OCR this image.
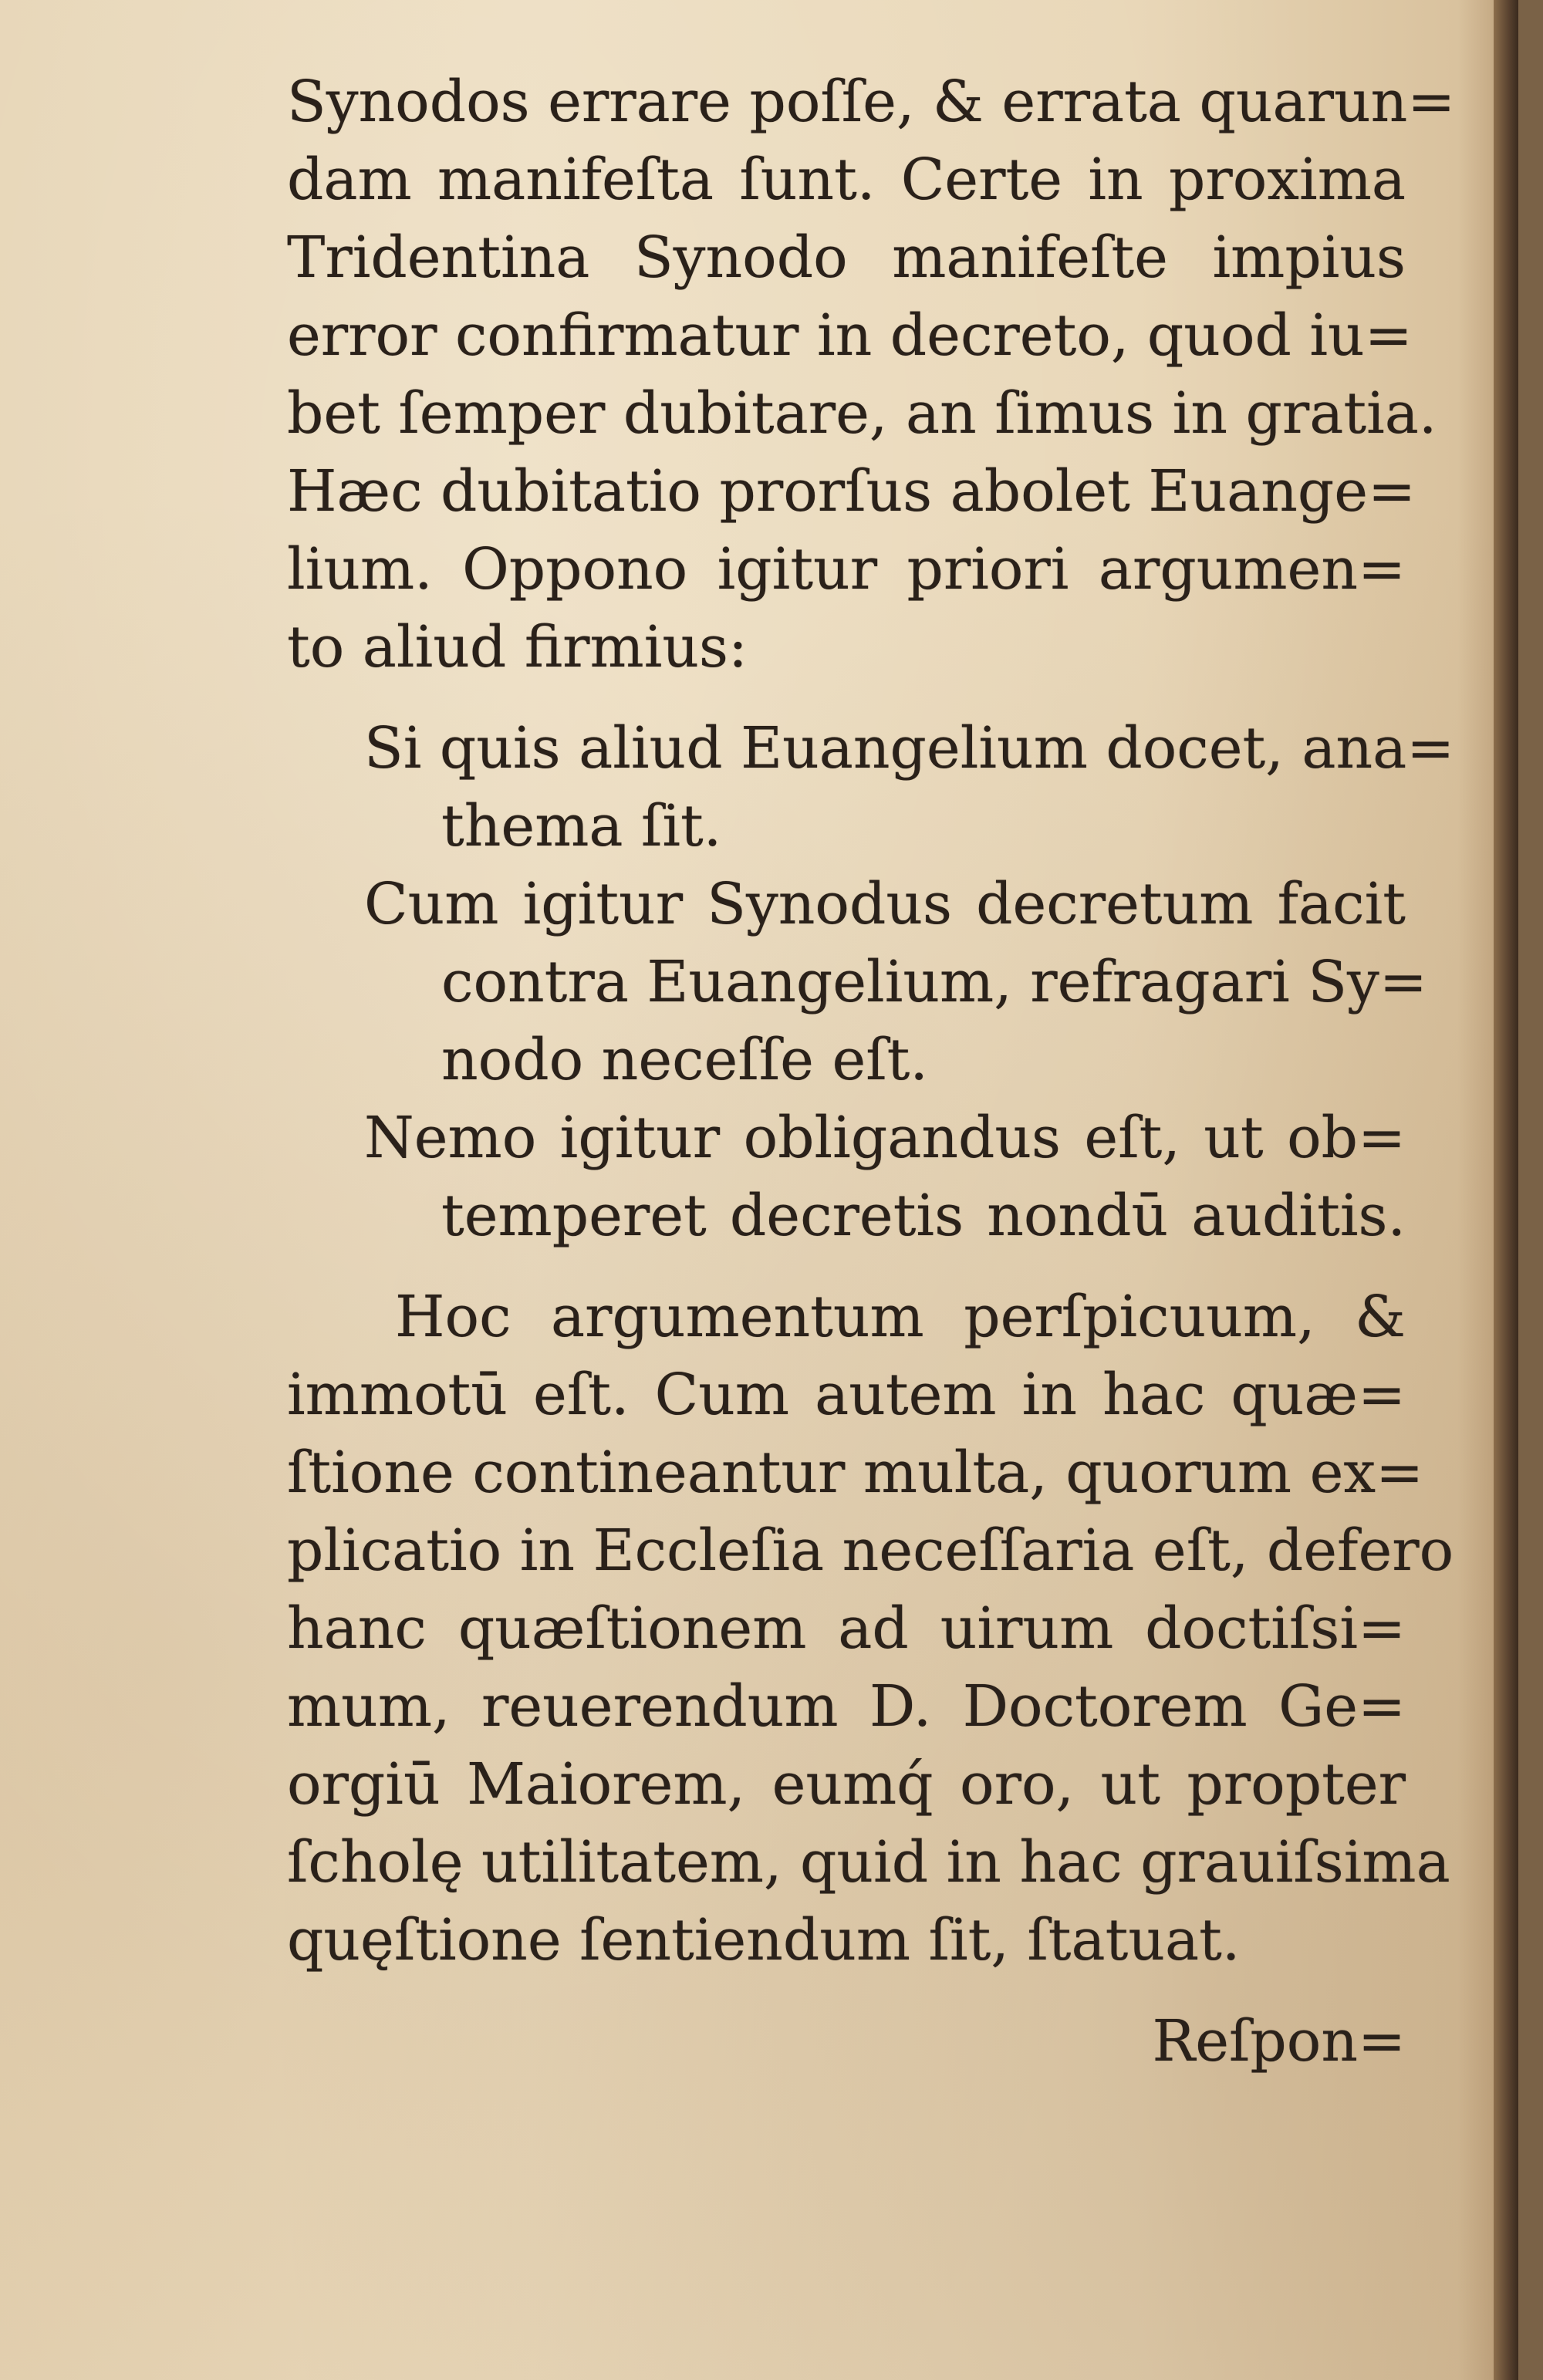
Synodos errare poſſe, & errata quarun=
dam manifeſta ſunt. Certe in proxima
Tridentina Synodo manifeſte impius
error confirmatur in decreto, quod iu=
bet ſemper dubitare, an ſimus in gratia.
Hæc dubitatio prorſus abolet Euange=
lium. Oppono igitur priori argumen=
to aliud firmius:
Si quis aliud Euangelium docet, ana=
thema ſit.
Cum igitur Synodus decretum facit
contra Euangelium, refragari Sy=
nodo neceſſe eſt.
Nemo igitur obligandus eſt, ut ob=
temperet decretis nondū auditis.
Hoc argumentum perſpicuum, &
immotū eſt. Cum autem in hac quæ=
ſtione contineantur multa, quorum ex=
plicatio in Eccleſia neceſſaria eſt, defero
hanc quæſtionem ad uirum doctiſsi=
mum, reuerendum D. Doctorem Ge=
orgiū Maiorem, eumq́ oro, ut propter
ſcholę utilitatem, quid in hac grauiſsima
quęſtione ſentiendum ſit, ſtatuat.
Reſpon=
